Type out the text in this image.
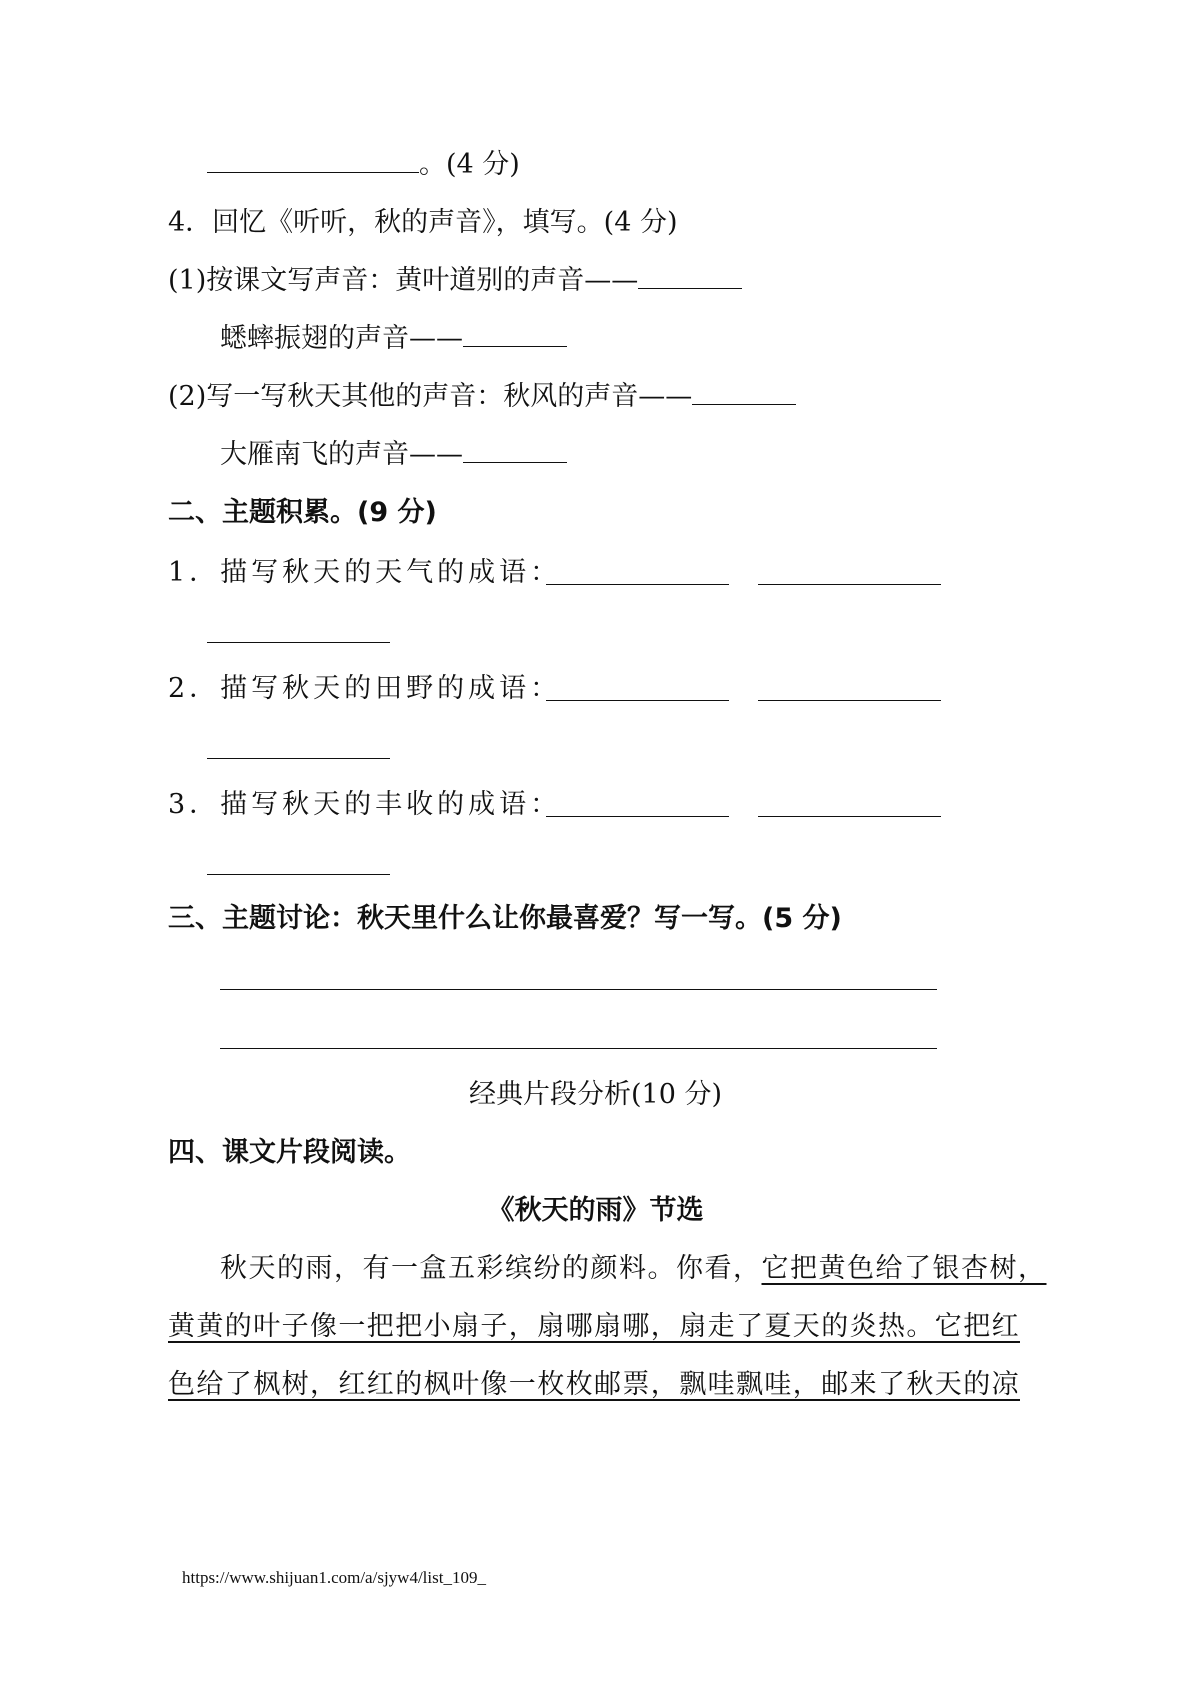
。(4 分)
4．回忆《听听，秋的声音》，填写。(4 分)
(1)按课文写声音：黄叶道别的声音——
蟋蟀振翅的声音——
(2)写一写秋天其他的声音：秋风的声音——
大雁南飞的声音——
二、主题积累。(9 分)
1．描写秋天的天气的成语：
2．描写秋天的田野的成语：
3．描写秋天的丰收的成语：
三、主题讨论：秋天里什么让你最喜爱？写一写。(5 分)
经典片段分析(10 分)
四、课文片段阅读。
《秋天的雨》节选
秋天的雨，有一盒五彩缤纷的颜料。你看，它把黄色给了银杏树，
黄黄的叶子像一把把小扇子，扇哪扇哪，扇走了夏天的炎热。它把红
色给了枫树，红红的枫叶像一枚枚邮票，飘哇飘哇，邮来了秋天的凉
https://www.shijuan1.com/a/sjyw4/list_109_
